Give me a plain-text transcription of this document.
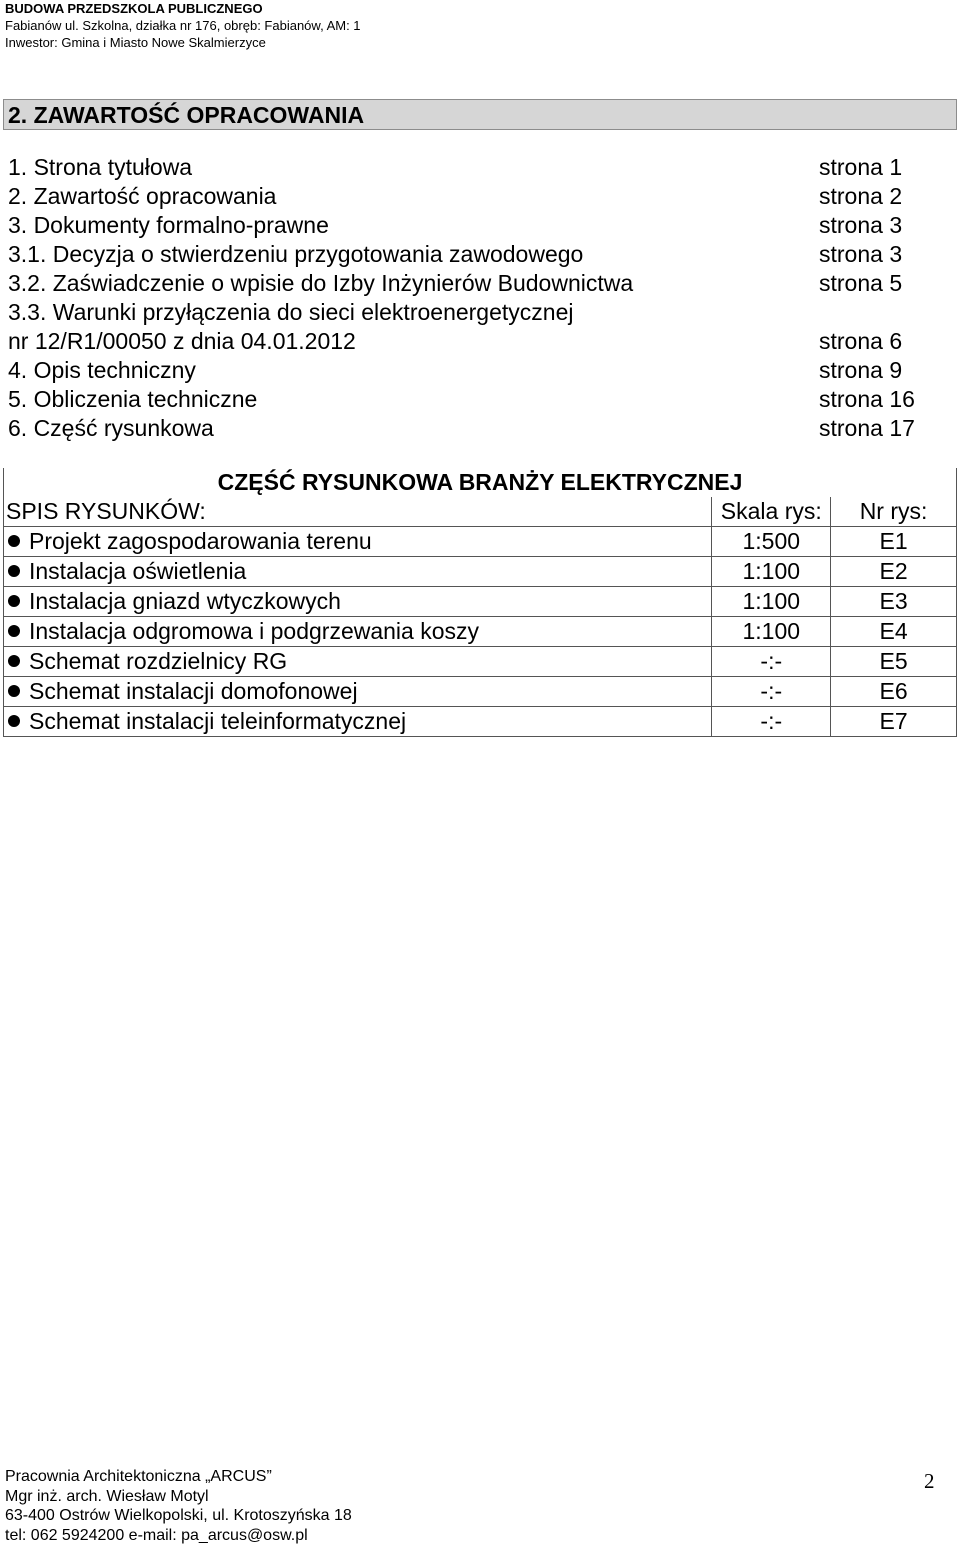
BUDOWA PRZEDSZKOLA PUBLICZNEGO
Fabianów ul. Szkolna, działka nr 176, obręb: Fabianów, AM: 1
Inwestor: Gmina i Miasto Nowe Skalmierzyce
2. ZAWARTOŚĆ OPRACOWANIA
1. Strona tytułowa	strona 1
2. Zawartość opracowania	strona 2
3. Dokumenty formalno-prawne	strona 3
3.1. Decyzja o stwierdzeniu przygotowania zawodowego	strona 3
3.2. Zaświadczenie o wpisie do Izby Inżynierów Budownictwa	strona 5
3.3. Warunki przyłączenia do sieci elektroenergetycznej
nr 12/R1/00050 z dnia 04.01.2012	strona 6
4. Opis techniczny	strona 9
5. Obliczenia techniczne	strona 16
6. Część rysunkowa	strona 17
CZĘŚĆ RYSUNKOWA BRANŻY ELEKTRYCZNEJ		
SPIS RYSUNKÓW:	Skala rys:	Nr rys:
Projekt zagospodarowania terenu	1:500	E1
Instalacja oświetlenia	1:100	E2
Instalacja gniazd wtyczkowych	1:100	E3
Instalacja odgromowa i podgrzewania koszy	1:100	E4
Schemat rozdzielnicy RG	-:-	E5
Schemat instalacji domofonowej	-:-	E6
Schemat instalacji teleinformatycznej	-:-	E7
Pracownia Architektoniczna „ARCUS”
Mgr inż. arch. Wiesław Motyl
63-400 Ostrów Wielkopolski, ul. Krotoszyńska 18
tel: 062 5924200 e-mail: pa_arcus@osw.pl
2
